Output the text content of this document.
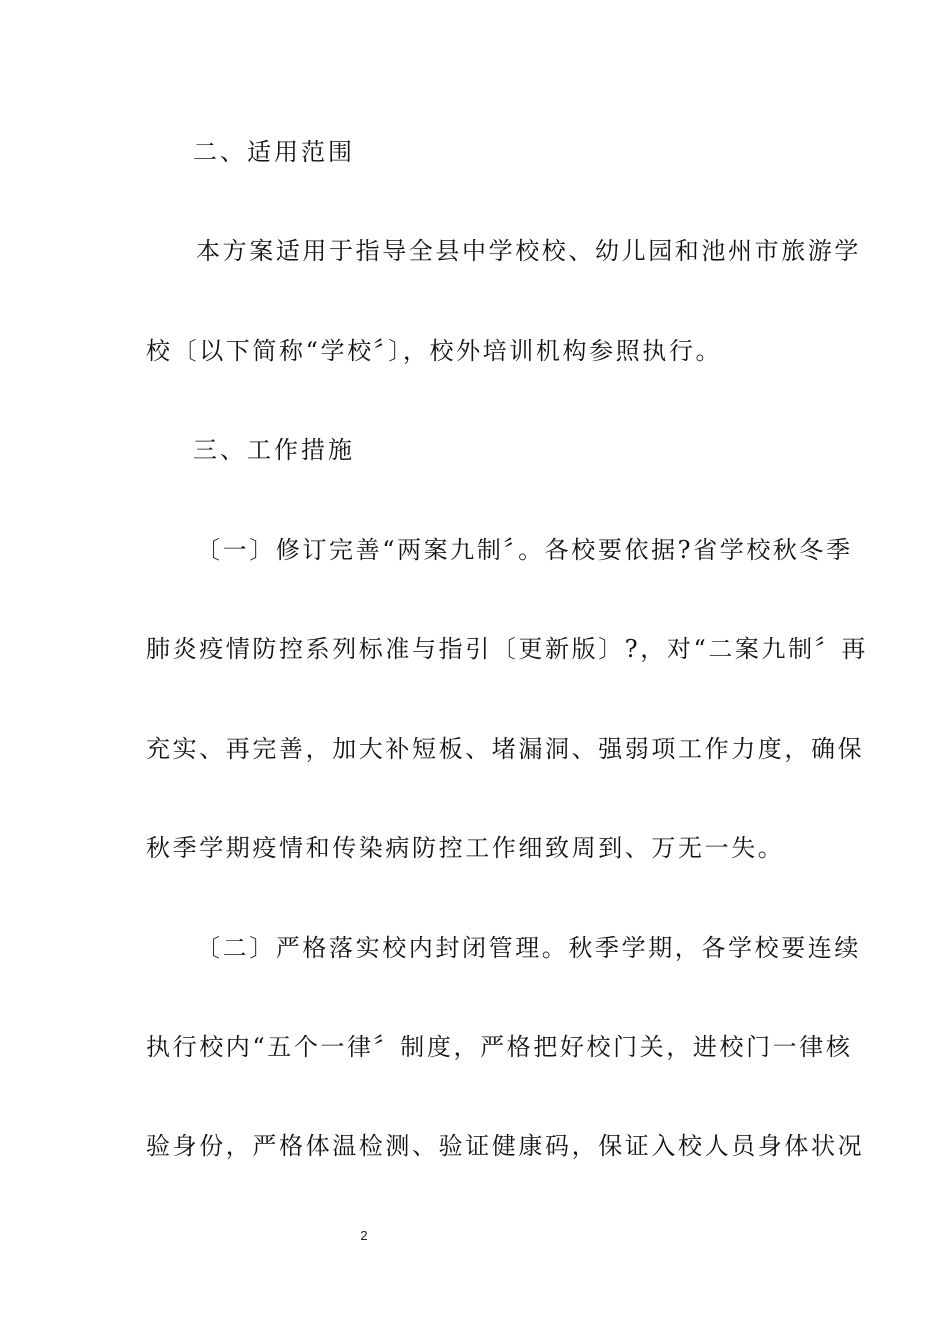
二、适用范围
本方案适用于指导全县中学校校、幼儿园和池州市旅游学
校〔以下简称“学校〞〕，校外培训机构参照执行。
三、工作措施
〔一〕修订完善“两案九制〞。各校要依据?省学校秋冬季
肺炎疫情防控系列标准与指引〔更新版〕?，对“二案九制〞再
充实、再完善，加大补短板、堵漏洞、强弱项工作力度，确保
秋季学期疫情和传染病防控工作细致周到、万无一失。
〔二〕严格落实校内封闭管理。秋季学期，各学校要连续
执行校内“五个一律〞制度，严格把好校门关，进校门一律核
验身份，严格体温检测、验证健康码，保证入校人员身体状况
2
